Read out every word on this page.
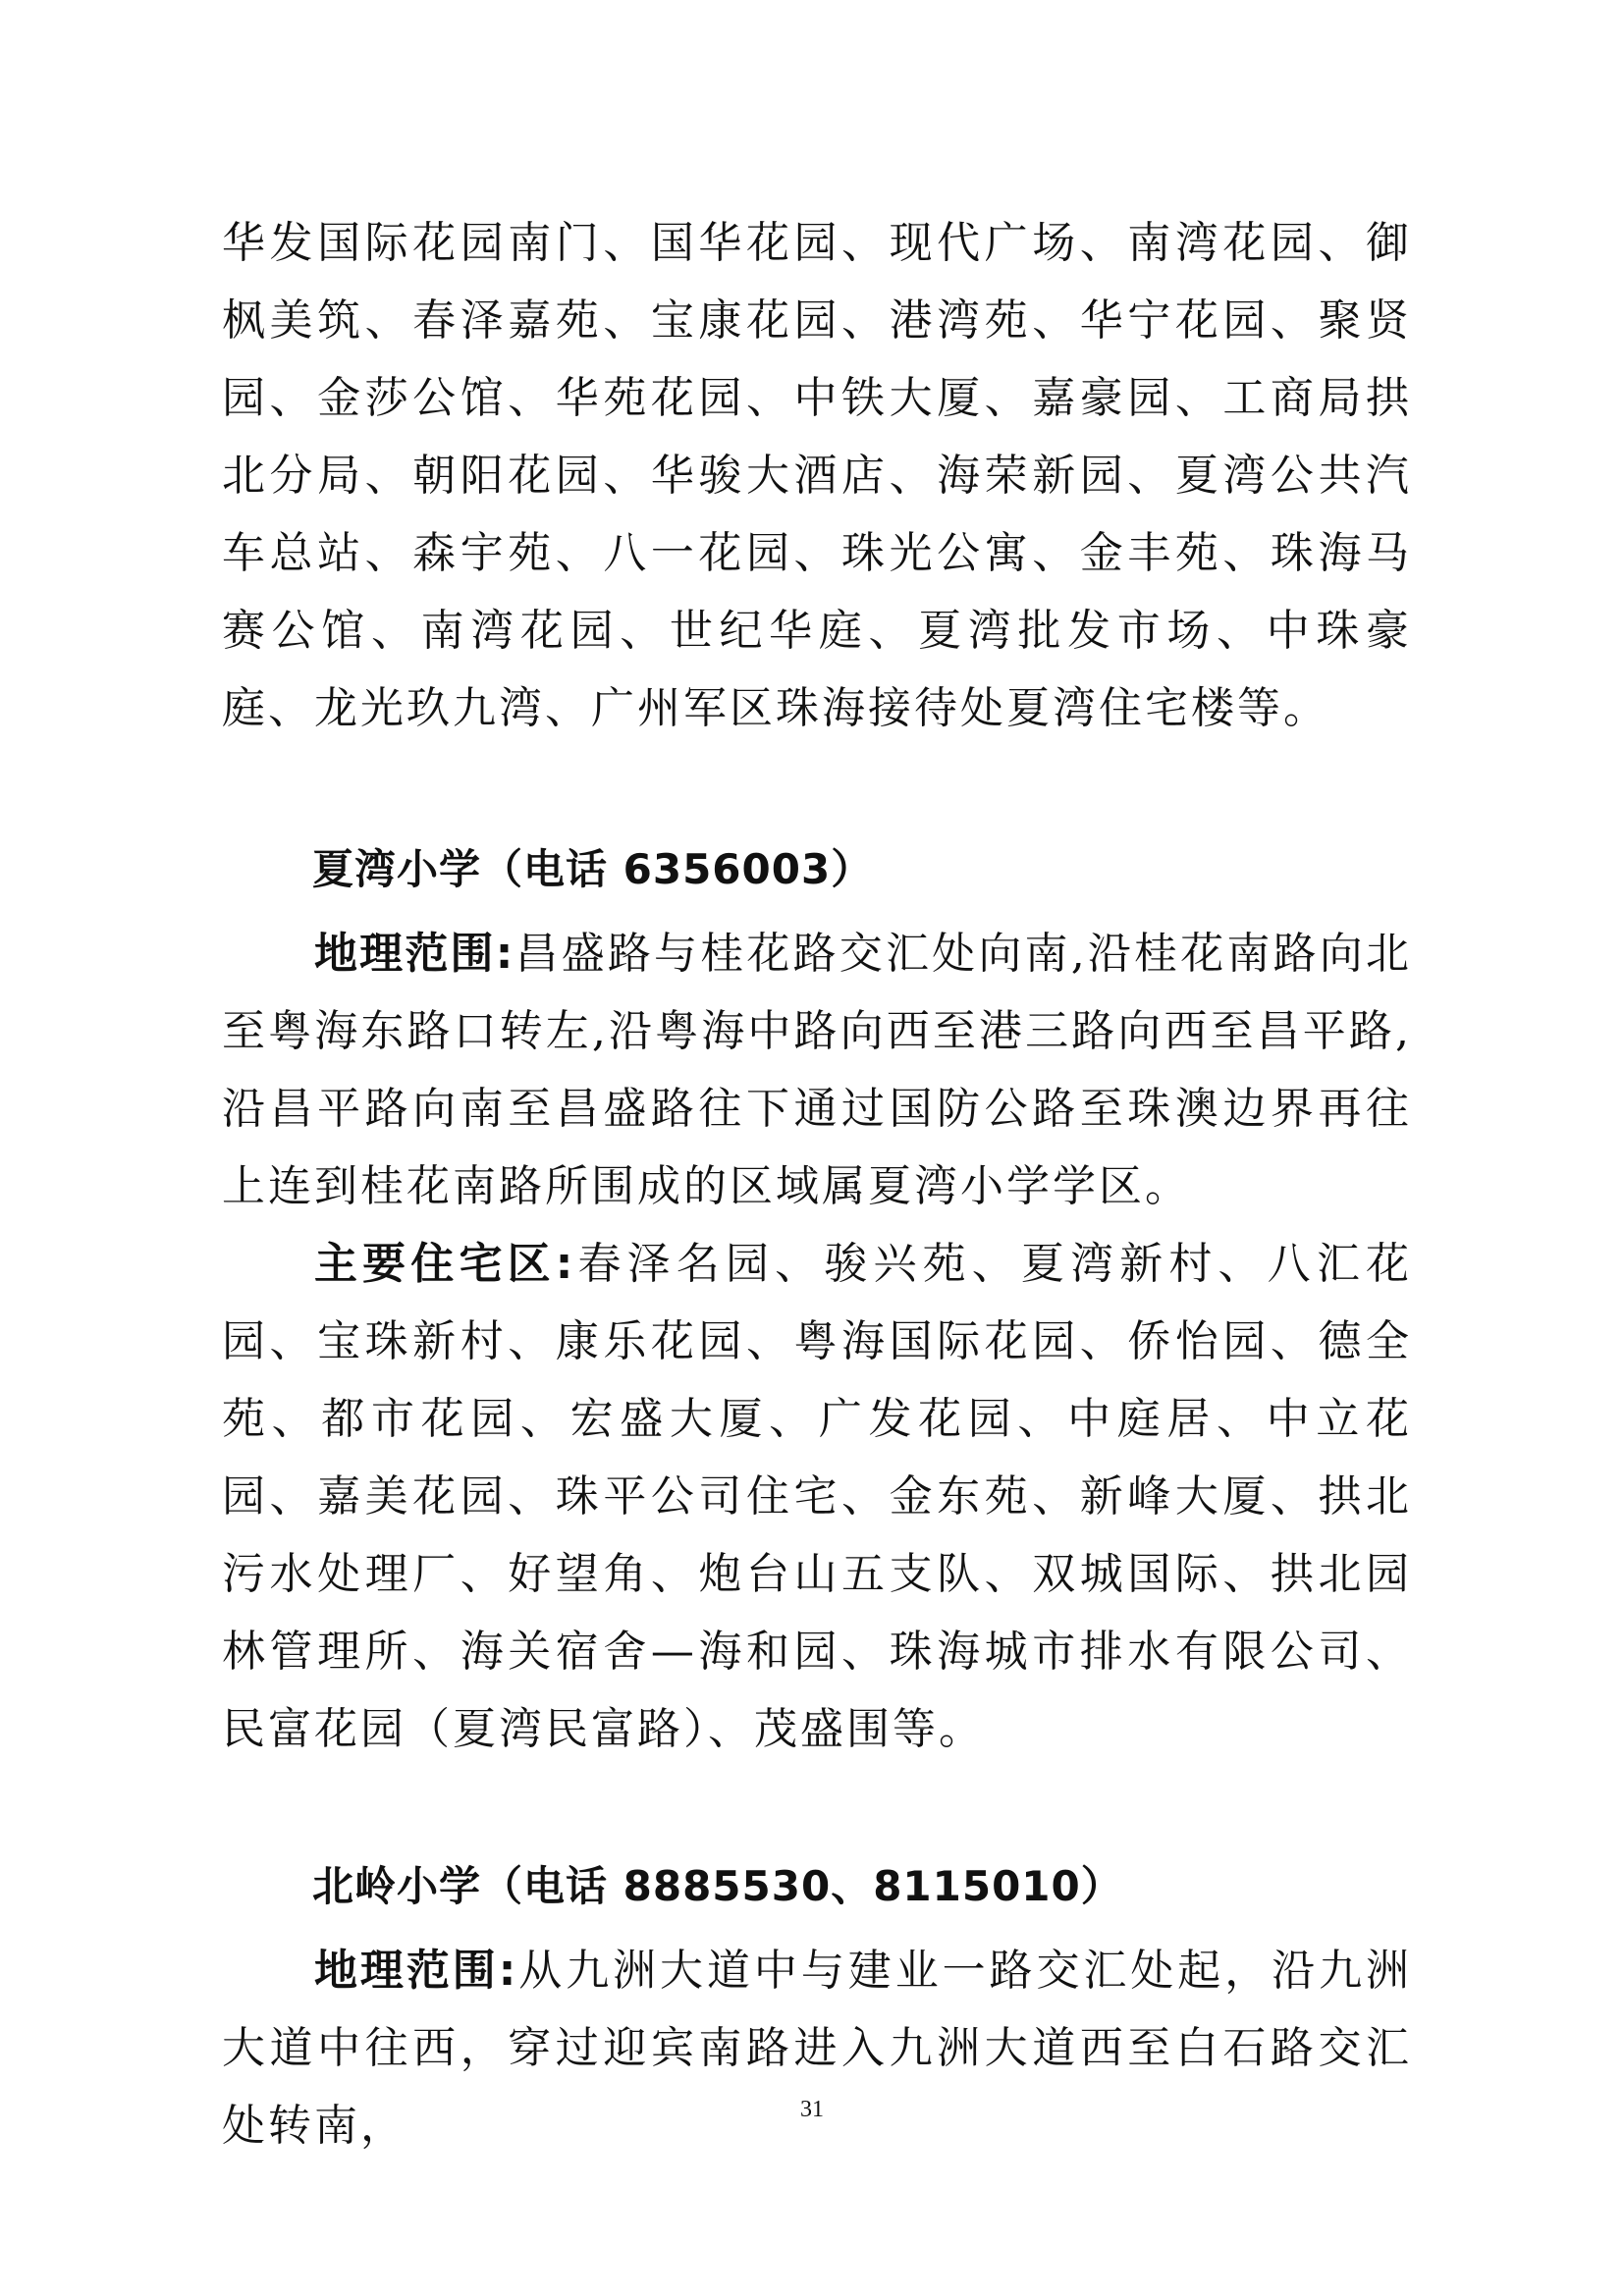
华发国际花园南门、国华花园、现代广场、南湾花园、御枫美筑、春泽嘉苑、宝康花园、港湾苑、华宁花园、聚贤园、金莎公馆、华苑花园、中铁大厦、嘉豪园、工商局拱北分局、朝阳花园、华骏大酒店、海荣新园、夏湾公共汽车总站、森宇苑、八一花园、珠光公寓、金丰苑、珠海马赛公馆、南湾花园、世纪华庭、夏湾批发市场、中珠豪庭、龙光玖九湾、广州军区珠海接待处夏湾住宅楼等。

夏湾小学（电话 6356003）

地理范围:昌盛路与桂花路交汇处向南,沿桂花南路向北至粤海东路口转左,沿粤海中路向西至港三路向西至昌平路,沿昌平路向南至昌盛路往下通过国防公路至珠澳边界再往上连到桂花南路所围成的区域属夏湾小学学区。

主要住宅区:春泽名园、骏兴苑、夏湾新村、八汇花园、宝珠新村、康乐花园、粤海国际花园、侨怡园、德全苑、都市花园、宏盛大厦、广发花园、中庭居、中立花园、嘉美花园、珠平公司住宅、金东苑、新峰大厦、拱北污水处理厂、好望角、炮台山五支队、双城国际、拱北园林管理所、海关宿舍—海和园、珠海城市排水有限公司、民富花园（夏湾民富路）、茂盛围等。

北岭小学（电话 8885530、8115010）

地理范围:从九洲大道中与建业一路交汇处起，沿九洲大道中往西，穿过迎宾南路进入九洲大道西至白石路交汇处转南，	31
